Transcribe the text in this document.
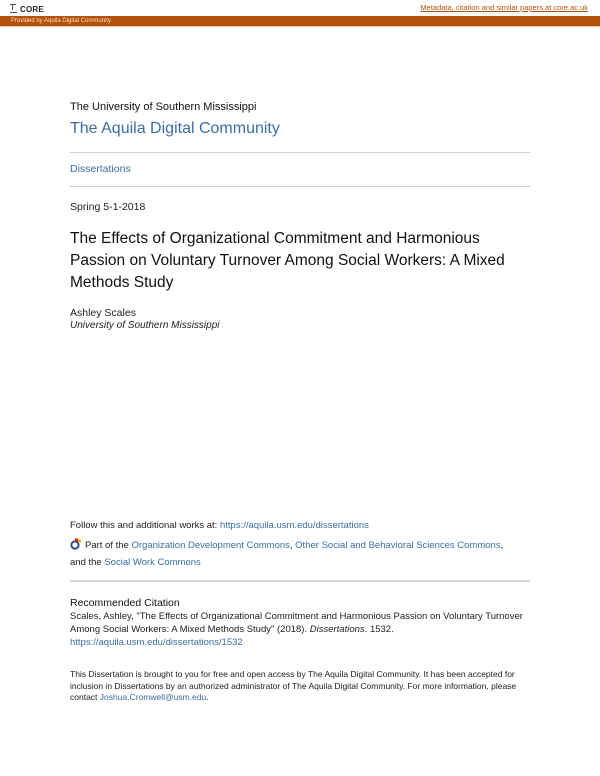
CORE	Metadata, citation and similar papers at core.ac.uk
Provided by Aquila Digital Community
The University of Southern Mississippi
The Aquila Digital Community
Dissertations
Spring 5-1-2018
The Effects of Organizational Commitment and Harmonious Passion on Voluntary Turnover Among Social Workers: A Mixed Methods Study
Ashley Scales
University of Southern Mississippi
Follow this and additional works at: https://aquila.usm.edu/dissertations
Part of the Organization Development Commons, Other Social and Behavioral Sciences Commons,
and the Social Work Commons
Recommended Citation
Scales, Ashley, "The Effects of Organizational Commitment and Harmonious Passion on Voluntary Turnover Among Social Workers: A Mixed Methods Study" (2018). Dissertations. 1532.
https://aquila.usm.edu/dissertations/1532
This Dissertation is brought to you for free and open access by The Aquila Digital Community. It has been accepted for inclusion in Dissertations by an authorized administrator of The Aquila Digital Community. For more information, please contact Joshua.Cromwell@usm.edu.
